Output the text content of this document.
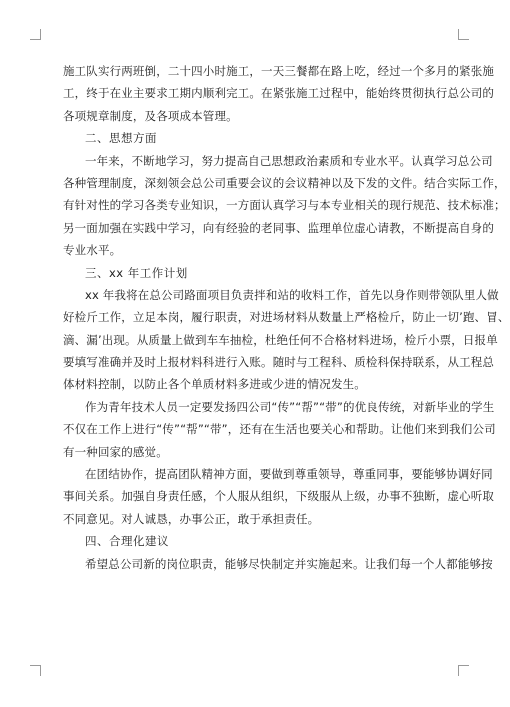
施工队实行两班倒，二十四小时施工，一天三餐都在路上吃，经过一个多月的紧张施
工，终于在业主要求工期内顺利完工。在紧张施工过程中，能始终贯彻执行总公司的
各项规章制度，及各项成本管理。
二、思想方面
一年来，不断地学习，努力提高自己思想政治素质和专业水平。认真学习总公司
各种管理制度，深刻领会总公司重要会议的会议精神以及下发的文件。结合实际工作，
有针对性的学习各类专业知识，一方面认真学习与本专业相关的现行规范、技术标准；
另一面加强在实践中学习，向有经验的老同事、监理单位虚心请教，不断提高自身的
专业水平。
三、xx 年工作计划
xx 年我将在总公司路面项目负责拌和站的收料工作，首先以身作则带领队里人做
好检斤工作，立足本岗，履行职责，对进场材料从数量上严格检斤，防止一切’跑、冒、
滴、漏’出现。从质量上做到车车抽检，杜绝任何不合格材料进场，检斤小票，日报单
要填写准确并及时上报材料科进行入账。随时与工程科、质检科保持联系，从工程总
体材料控制，以防止各个单质材料多进或少进的情况发生。
作为青年技术人员一定要发扬四公司“传”“帮”“带”的优良传统，对新毕业的学生
不仅在工作上进行“传”“帮”“带”，还有在生活也要关心和帮助。让他们来到我们公司
有一种回家的感觉。
在团结协作，提高团队精神方面，要做到尊重领导，尊重同事，要能够协调好同
事间关系。加强自身责任感，个人服从组织，下级服从上级，办事不独断，虚心听取
不同意见。对人诚恳，办事公正，敢于承担责任。
四、合理化建议
希望总公司新的岗位职责，能够尽快制定并实施起来。让我们每一个人都能够按
